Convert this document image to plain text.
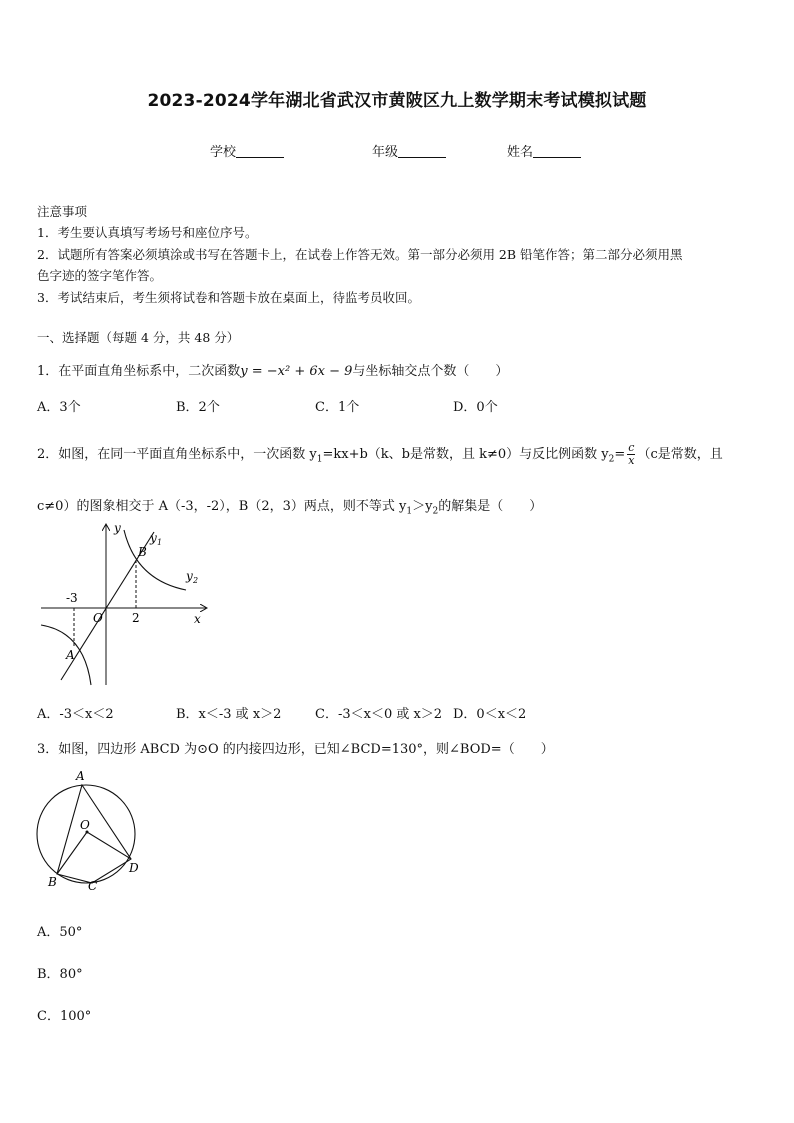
2023-2024学年湖北省武汉市黄陂区九上数学期末考试模拟试题
学校	年级	姓名
注意事项
1．考生要认真填写考场号和座位序号。
2．试题所有答案必须填涂或书写在答题卡上，在试卷上作答无效。第一部分必须用 2B 铅笔作答；第二部分必须用黑
色字迹的签字笔作答。
3．考试结束后，考生须将试卷和答题卡放在桌面上，待监考员收回。
一、选择题（每题 4 分，共 48 分）
1．在平面直角坐标系中，二次函数y = −x² + 6x − 9与坐标轴交点个数（　　）
A．3个	B．2个	C．1个	D．0个
2．如图，在同一平面直角坐标系中，一次函数 $y_1=kx+b(k$、b是常数，且 k≠0）与反比例函数 $y_2= \frac{c}{x} (c$是常数，且
c≠0）的图象相交于 A（-3，-2），B（2，3）两点，则不等式 $y_1>y_2$的解集是（　　）
y
x
O
-3
2
A
B
y 1
y 2
A．-3＜x＜2	B．x＜-3 或 x＞2	C．-3＜x＜0 或 x＞2 D．0＜x＜2
3．如图，四边形 ABCD 为⊙O 的内接四边形，已知∠BCD=130°，则∠BOD=（　　）
A
O
B	C
D
A．50°
B．80°
C．100°
